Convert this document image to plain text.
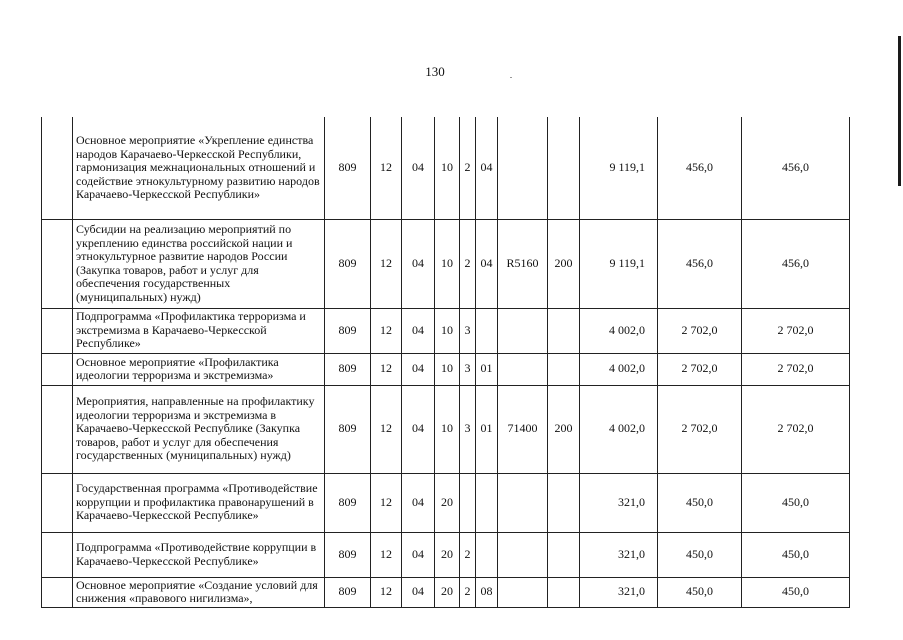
130
	Основное мероприятие «Укрепление единства народов Карачаево-Черкесской Республики, гармонизация межнациональных отношений и содействие этнокультурному развитию народов Карачаево-Черкесской Республики»	809	12	04	10	2	04			9 119,1	456,0	456,0
	Субсидии на реализацию мероприятий по укреплению единства российской нации и этнокультурное развитие народов России (Закупка товаров, работ и услуг для обеспечения государственных (муниципальных) нужд)	809	12	04	10	2	04	R5160	200	9 119,1	456,0	456,0
	Подпрограмма «Профилактика терроризма и экстремизма в Карачаево-Черкесской Республике»	809	12	04	10	3				4 002,0	2 702,0	2 702,0
	Основное мероприятие «Профилактика идеологии терроризма и экстремизма»	809	12	04	10	3	01			4 002,0	2 702,0	2 702,0
	Мероприятия, направленные на профилактику идеологии терроризма и экстремизма в Карачаево-Черкесской Республике (Закупка товаров, работ и услуг для обеспечения государственных (муниципальных) нужд)	809	12	04	10	3	01	71400	200	4 002,0	2 702,0	2 702,0
	Государственная программа «Противодействие коррупции и профилактика правонарушений в Карачаево-Черкесской Республике»	809	12	04	20					321,0	450,0	450,0
	Подпрограмма «Противодействие коррупции в Карачаево-Черкесской Республике»	809	12	04	20	2				321,0	450,0	450,0
	Основное мероприятие «Создание условий для снижения «правового нигилизма»,	809	12	04	20	2	08			321,0	450,0	450,0
